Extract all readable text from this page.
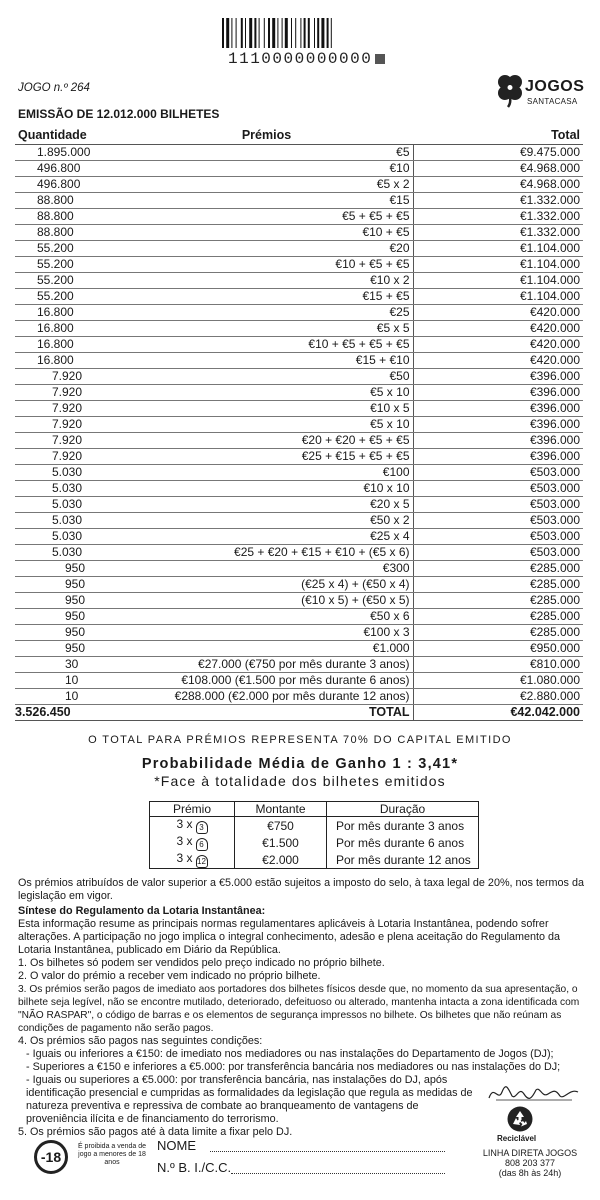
1110000000000
JOGO n.º 264	JOGOS
SANTACASA
EMISSÃO DE 12.012.000 BILHETES
Quantidade	Prémios	Total
1.895.000	€5	€9.475.000
496.800	€10	€4.968.000
496.800	€5 x 2	€4.968.000
88.800	€15	€1.332.000
88.800	€5 + €5 + €5	€1.332.000
88.800	€10 + €5	€1.332.000
55.200	€20	€1.104.000
55.200	€10 + €5 + €5	€1.104.000
55.200	€10 x 2	€1.104.000
55.200	€15 + €5	€1.104.000
16.800	€25	€420.000
16.800	€5 x 5	€420.000
16.800	€10 + €5 + €5 + €5	€420.000
16.800	€15 + €10	€420.000
7.920	€50	€396.000
7.920	€5 x 10	€396.000
7.920	€10 x 5	€396.000
7.920	€5 x 10	€396.000
7.920	€20 + €20 + €5 + €5	€396.000
7.920	€25 + €15 + €5 + €5	€396.000
5.030	€100	€503.000
5.030	€10 x 10	€503.000
5.030	€20 x 5	€503.000
5.030	€50 x 2	€503.000
5.030	€25 x 4	€503.000
5.030	€25 + €20 + €15 + €10 + (€5 x 6)	€503.000
950	€300	€285.000
950	(€25 x 4) + (€50 x 4)	€285.000
950	(€10 x 5) + (€50 x 5)	€285.000
950	€50 x 6	€285.000
950	€100 x 3	€285.000
950	€1.000	€950.000
30	€27.000 (€750 por mês durante 3 anos)	€810.000
10	€108.000 (€1.500 por mês durante 6 anos)	€1.080.000
10	€288.000 (€2.000 por mês durante 12 anos)	€2.880.000
3.526.450	TOTAL	€42.042.000
O TOTAL PARA PRÉMIOS REPRESENTA 70% DO CAPITAL EMITIDO
Probabilidade Média de Ganho 1 : 3,41*
*Face à totalidade dos bilhetes emitidos
Prémio	Montante	Duração
3 x 3	€750	Por mês durante 3 anos
3 x 6	€1.500	Por mês durante 6 anos
3 x 12	€2.000	Por mês durante 12 anos
Os prémios atribuídos de valor superior a €5.000 estão sujeitos a imposto do selo, à taxa legal de 20%, nos termos da legislação em vigor.
Síntese do Regulamento da Lotaria Instantânea:
Esta informação resume as principais normas regulamentares aplicáveis à Lotaria Instantânea, podendo sofrer alterações. A participação no jogo implica o integral conhecimento, adesão e plena aceitação do Regulamento da Lotaria Instantânea, publicado em Diário da República.
1. Os bilhetes só podem ser vendidos pelo preço indicado no próprio bilhete.
2. O valor do prémio a receber vem indicado no próprio bilhete.
3. Os prémios serão pagos de imediato aos portadores dos bilhetes físicos desde que, no momento da sua apresentação, o bilhete seja legível, não se encontre mutilado, deteriorado, defeituoso ou alterado, mantenha intacta a zona identificada com "NÃO RASPAR", o código de barras e os elementos de segurança impressos no bilhete. Os bilhetes que não reúnam as condições de pagamento não serão pagos.
4. Os prémios são pagos nas seguintes condições:
- Iguais ou inferiores a €150: de imediato nos mediadores ou nas instalações do Departamento de Jogos (DJ);
- Superiores a €150 e inferiores a €5.000: por transferência bancária nos mediadores ou nas instalações do DJ;
- Iguais ou superiores a €5.000: por transferência bancária, nas instalações do DJ, após identificação presencial e cumpridas as formalidades da legislação que regula as medidas de natureza preventiva e repressiva de combate ao branqueamento de vantagens de proveniência ilícita e de financiamento do terrorismo.
5. Os prémios são pagos até à data limite a fixar pelo DJ.
-18
É proibida a venda de jogo a menores de 18 anos
NOME
N.º B. I./C.C.
Reciclável
LINHA DIRETA JOGOS
808 203 377
(das 8h às 24h)
